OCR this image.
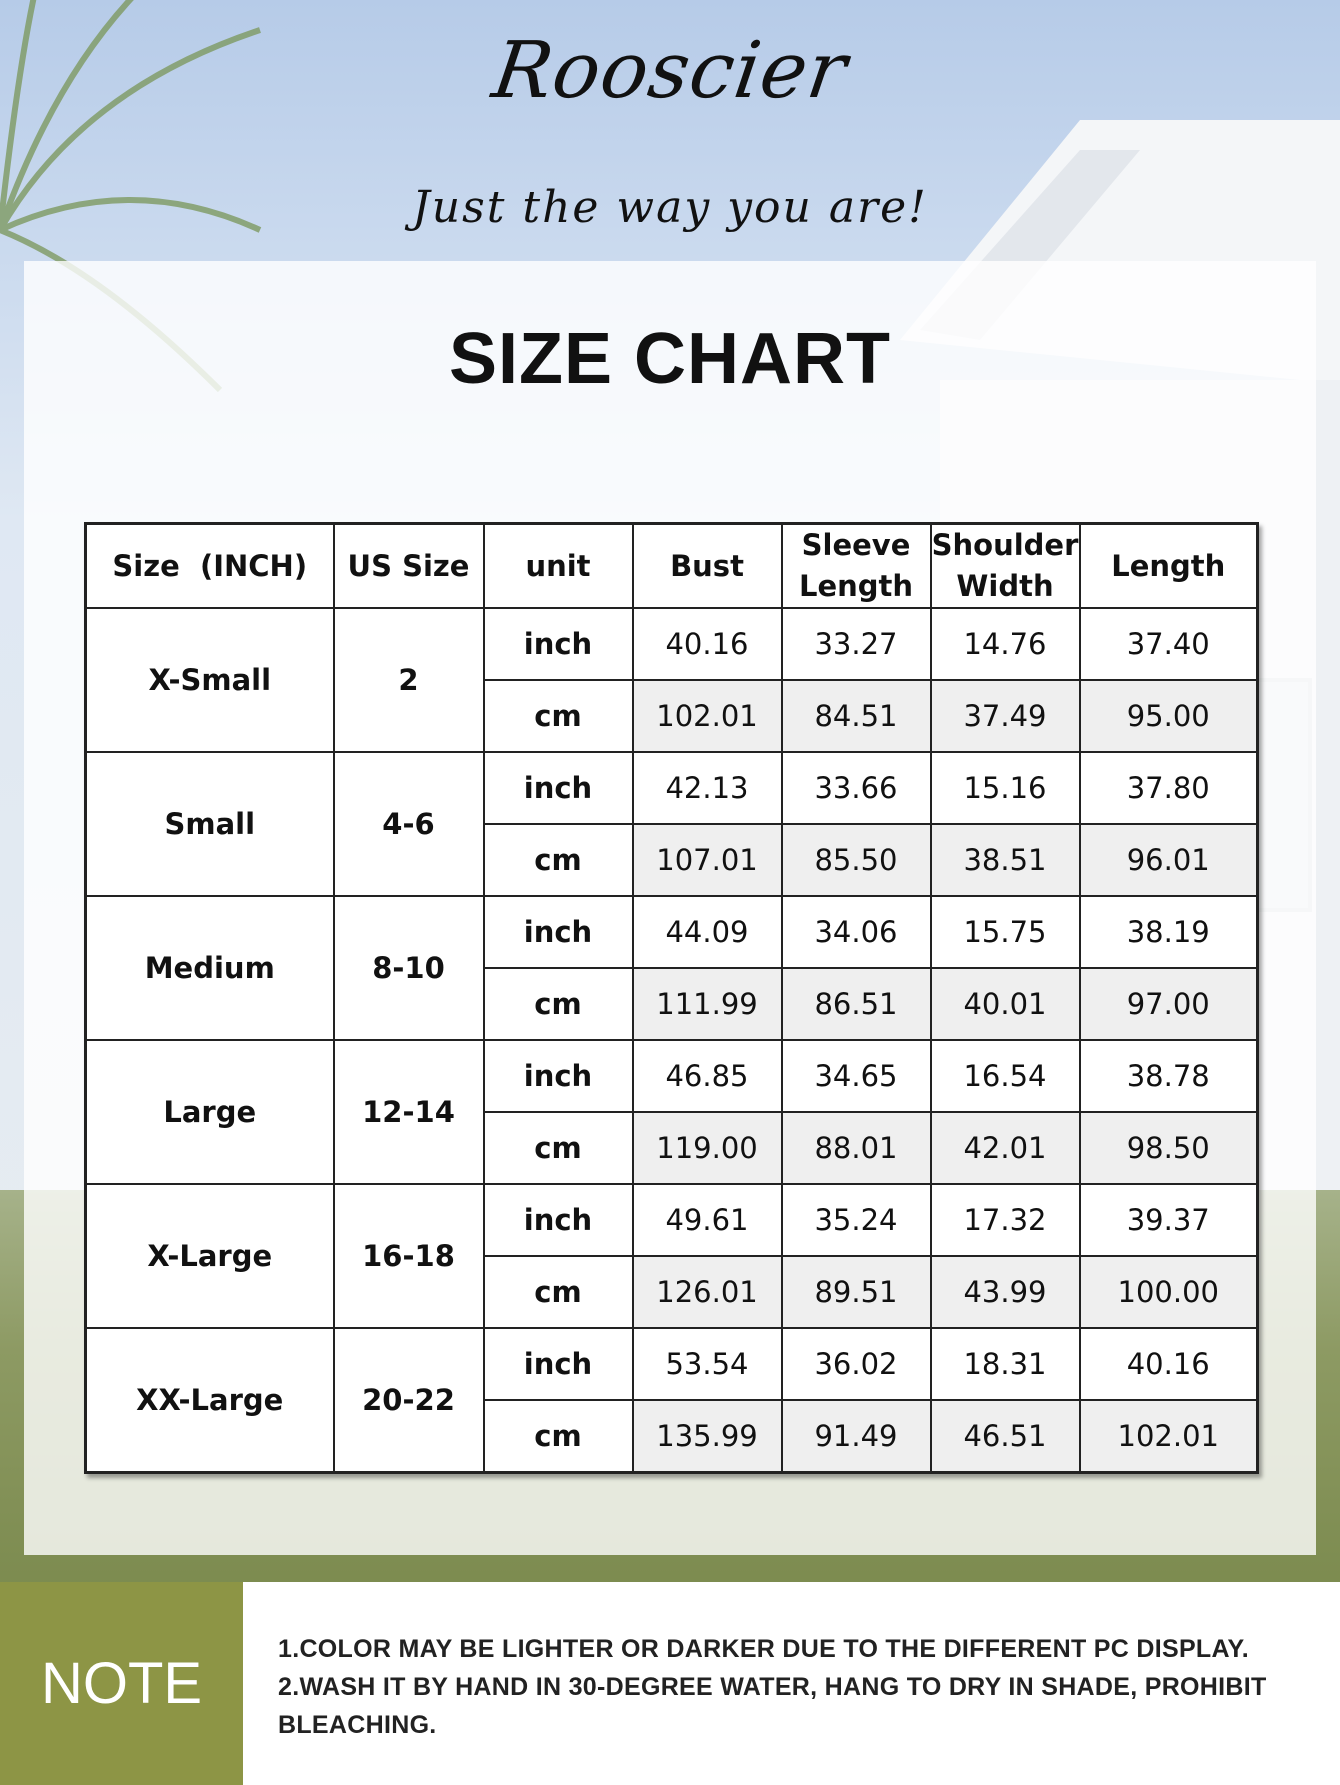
Rooscier
Just the way you are!
SIZE CHART
Size  (INCH)	US Size	unit	Bust	Sleeve Length	Shoulder Width	Length
X-Small	2	inch	40.16	33.27	14.76	37.40
		cm	102.01	84.51	37.49	95.00
Small	4-6	inch	42.13	33.66	15.16	37.80
		cm	107.01	85.50	38.51	96.01
Medium	8-10	inch	44.09	34.06	15.75	38.19
		cm	111.99	86.51	40.01	97.00
Large	12-14	inch	46.85	34.65	16.54	38.78
		cm	119.00	88.01	42.01	98.50
X-Large	16-18	inch	49.61	35.24	17.32	39.37
		cm	126.01	89.51	43.99	100.00
XX-Large	20-22	inch	53.54	36.02	18.31	40.16
		cm	135.99	91.49	46.51	102.01
NOTE
1.COLOR MAY BE LIGHTER OR DARKER DUE TO THE DIFFERENT PC DISPLAY.
2.WASH IT BY HAND IN 30-DEGREE WATER, HANG TO DRY IN SHADE, PROHIBIT BLEACHING.
